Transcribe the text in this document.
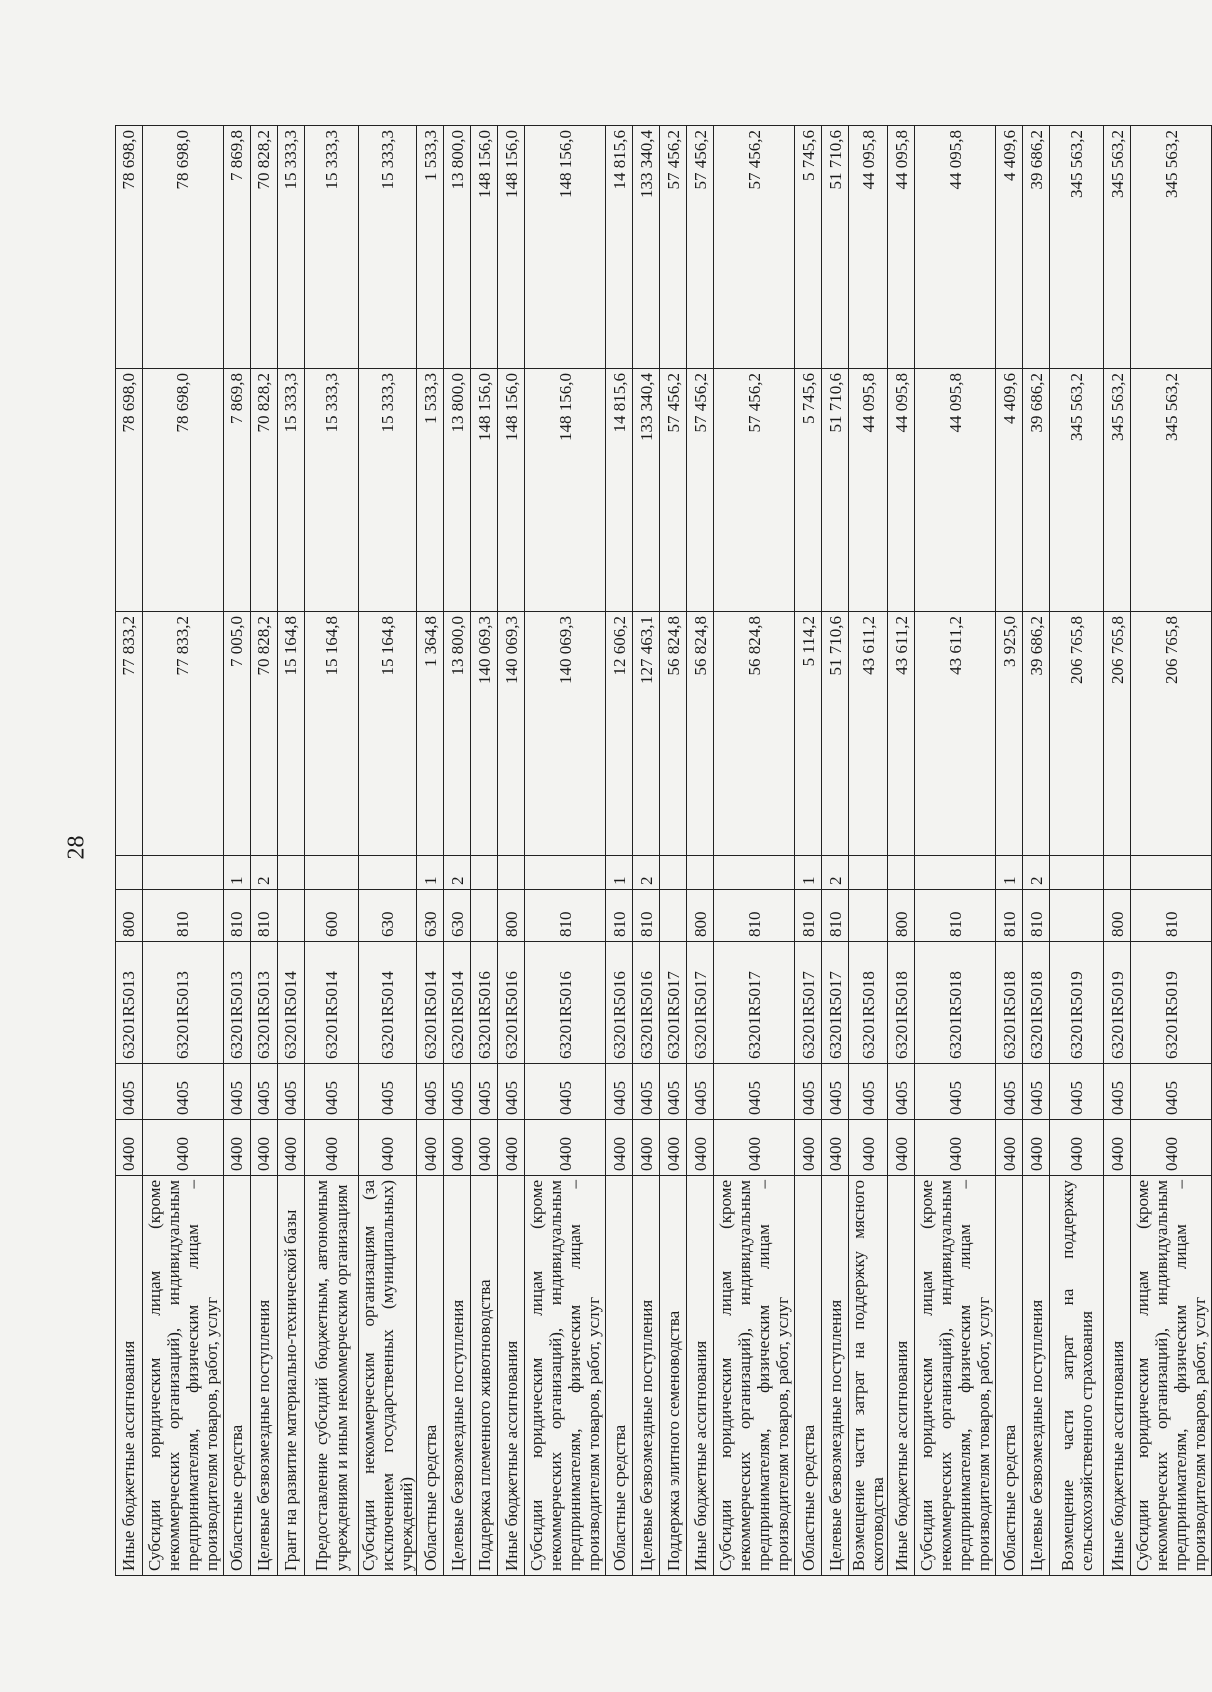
28
Иные бюджетные ассигнования	0400	0405	63201R5013	800		77 833,2	78 698,0	78 698,0
Субсидии юридическим лицам (кроме некоммерческих организаций), индивидуальным предпринимателям, физическим лицам – производителям товаров, работ, услуг	0400	0405	63201R5013	810		77 833,2	78 698,0	78 698,0
Областные средства	0400	0405	63201R5013	810	1	7 005,0	7 869,8	7 869,8
Целевые безвозмездные поступления	0400	0405	63201R5013	810	2	70 828,2	70 828,2	70 828,2
Грант на развитие материально-технической базы	0400	0405	63201R5014			15 164,8	15 333,3	15 333,3
Предоставление субсидий бюджетным, автономным учреждениям и иным некоммерческим организациям	0400	0405	63201R5014	600		15 164,8	15 333,3	15 333,3
Субсидии некоммерческим организациям (за исключением государственных (муниципальных) учреждений)	0400	0405	63201R5014	630		15 164,8	15 333,3	15 333,3
Областные средства	0400	0405	63201R5014	630	1	1 364,8	1 533,3	1 533,3
Целевые безвозмездные поступления	0400	0405	63201R5014	630	2	13 800,0	13 800,0	13 800,0
Поддержка племенного животноводства	0400	0405	63201R5016			140 069,3	148 156,0	148 156,0
Иные бюджетные ассигнования	0400	0405	63201R5016	800		140 069,3	148 156,0	148 156,0
Субсидии юридическим лицам (кроме некоммерческих организаций), индивидуальным предпринимателям, физическим лицам – производителям товаров, работ, услуг	0400	0405	63201R5016	810		140 069,3	148 156,0	148 156,0
Областные средства	0400	0405	63201R5016	810	1	12 606,2	14 815,6	14 815,6
Целевые безвозмездные поступления	0400	0405	63201R5016	810	2	127 463,1	133 340,4	133 340,4
Поддержка элитного семеноводства	0400	0405	63201R5017			56 824,8	57 456,2	57 456,2
Иные бюджетные ассигнования	0400	0405	63201R5017	800		56 824,8	57 456,2	57 456,2
Субсидии юридическим лицам (кроме некоммерческих организаций), индивидуальным предпринимателям, физическим лицам – производителям товаров, работ, услуг	0400	0405	63201R5017	810		56 824,8	57 456,2	57 456,2
Областные средства	0400	0405	63201R5017	810	1	5 114,2	5 745,6	5 745,6
Целевые безвозмездные поступления	0400	0405	63201R5017	810	2	51 710,6	51 710,6	51 710,6
Возмещение части затрат на поддержку мясного скотоводства	0400	0405	63201R5018			43 611,2	44 095,8	44 095,8
Иные бюджетные ассигнования	0400	0405	63201R5018	800		43 611,2	44 095,8	44 095,8
Субсидии юридическим лицам (кроме некоммерческих организаций), индивидуальным предпринимателям, физическим лицам – производителям товаров, работ, услуг	0400	0405	63201R5018	810		43 611,2	44 095,8	44 095,8
Областные средства	0400	0405	63201R5018	810	1	3 925,0	4 409,6	4 409,6
Целевые безвозмездные поступления	0400	0405	63201R5018	810	2	39 686,2	39 686,2	39 686,2
Возмещение части затрат на поддержку сельскохозяйственного страхования	0400	0405	63201R5019			206 765,8	345 563,2	345 563,2
Иные бюджетные ассигнования	0400	0405	63201R5019	800		206 765,8	345 563,2	345 563,2
Субсидии юридическим лицам (кроме некоммерческих организаций), индивидуальным предпринимателям, физическим лицам – производителям товаров, работ, услуг	0400	0405	63201R5019	810		206 765,8	345 563,2	345 563,2
